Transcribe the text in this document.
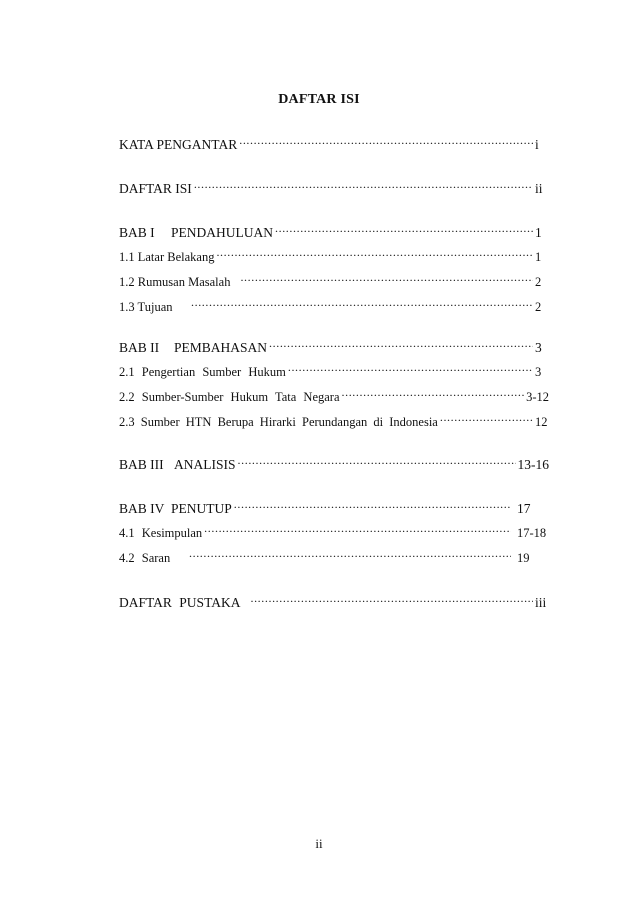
DAFTAR ISI
KATA PENGANTAR .....	i
DAFTAR ISI .....	ii
BAB I	PENDAHULUAN .....	1
1.1 Latar Belakang .....	1
1.2 Rumusan Masalah .....	2
1.3 Tujuan .....	2
BAB II	PEMBAHASAN .....	3
2.1 Pengertian Sumber Hukum .....	3
2.2 Sumber-Sumber Hukum Tata Negara .....	3-12
2.3 Sumber HTN Berupa Hirarki Perundangan di Indonesia .....	12
BAB III ANALISIS .....	13-16
BAB IV PENUTUP .....	17
4.1 Kesimpulan .....	17-18
4.2 Saran .....	19
DAFTAR PUSTAKA .....	iii
ii
